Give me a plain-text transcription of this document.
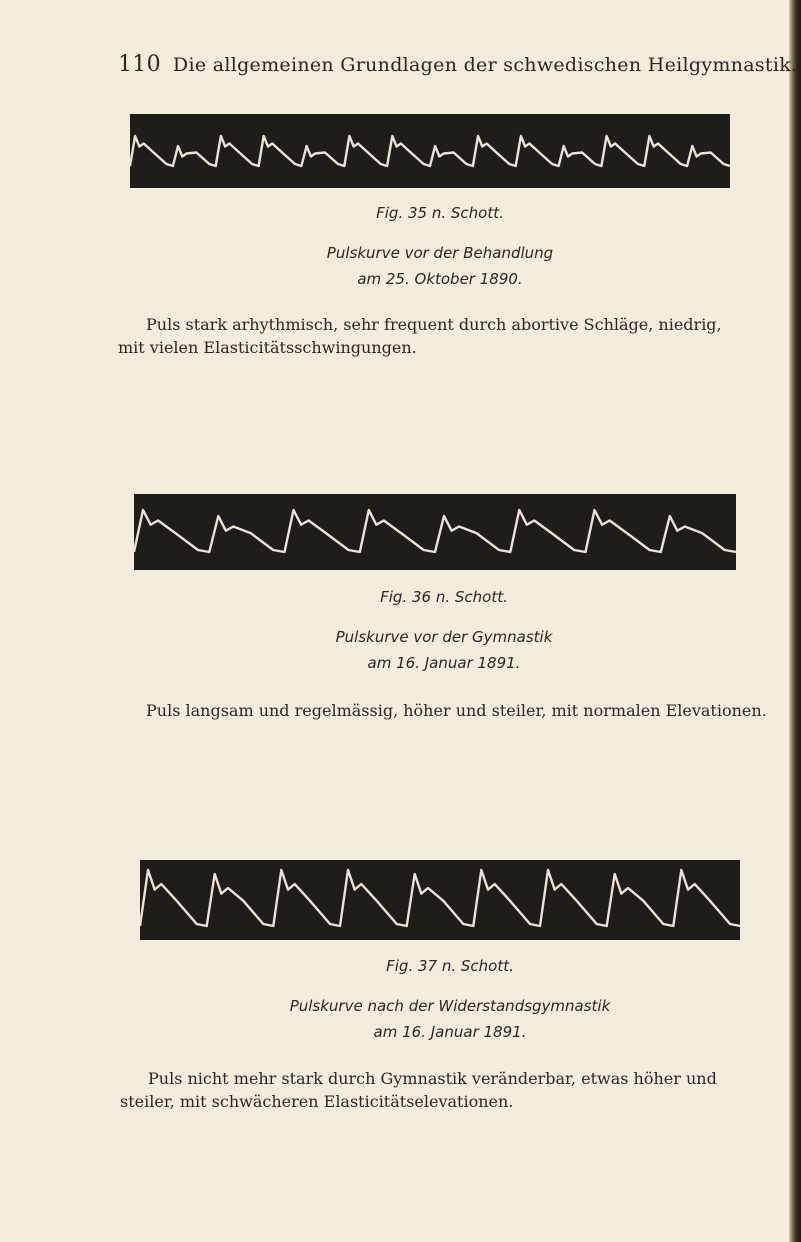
110 Die allgemeinen Grundlagen der schwedischen Heilgymnastik.
Fig. 35 n. Schott.
Pulskurve vor der Behandlung
am 25. Oktober 1890.

Puls stark arhythmisch, sehr frequent durch abortive Schläge, niedrig,

mit vielen Elasticitätsschwingungen.

Fig. 36 n. Schott.
Pulskurve vor der Gymnastik
am 16. Januar 1891.

Puls langsam und regelmässig, höher und steiler, mit normalen Elevationen.

Fig. 37 n. Schott.
Pulskurve nach der Widerstandsgymnastik
am 16. Januar 1891.

Puls nicht mehr stark durch Gymnastik veränderbar, etwas höher und

steiler, mit schwächeren Elasticitätselevationen.
